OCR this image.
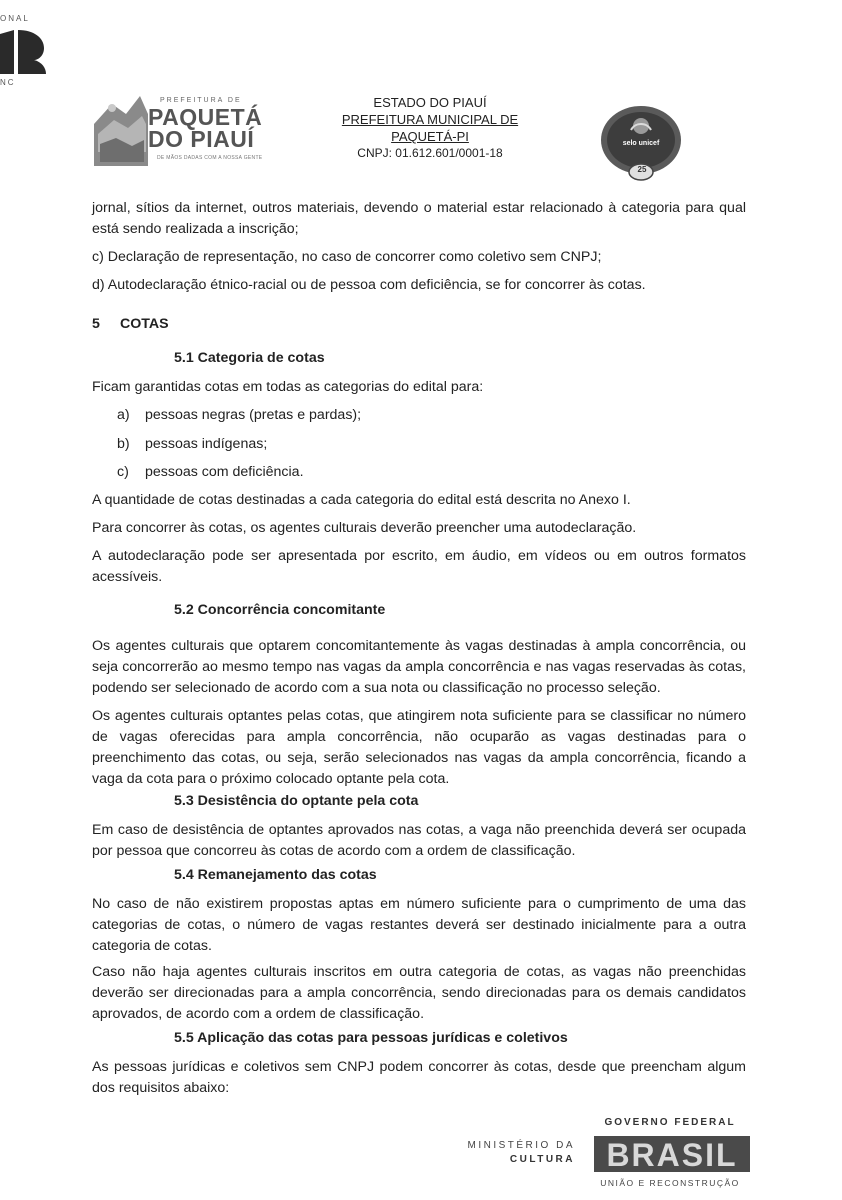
ONAL
NC
PREFEITURA DE
PAQUETÁ
DO PIAUÍ
DE MÃOS DADAS COM A NOSSA GENTE
ESTADO DO PIAUÍ
PREFEITURA MUNICIPAL DE
PAQUETÁ-PI
CNPJ: 01.612.601/0001-18
selo unicef
25
jornal, sítios da internet, outros materiais, devendo o material estar relacionado à categoria para qual está sendo realizada a inscrição;
c) Declaração de representação, no caso de concorrer como coletivo sem CNPJ;
d) Autodeclaração étnico-racial ou de pessoa com deficiência, se for concorrer às cotas.
5 COTAS
5.1 Categoria de cotas
Ficam garantidas cotas em todas as categorias do edital para:
a) pessoas negras (pretas e pardas);
b) pessoas indígenas;
c) pessoas com deficiência.
A quantidade de cotas destinadas a cada categoria do edital está descrita no Anexo I.
Para concorrer às cotas, os agentes culturais deverão preencher uma autodeclaração.
A autodeclaração pode ser apresentada por escrito, em áudio, em vídeos ou em outros formatos acessíveis.
5.2 Concorrência concomitante
Os agentes culturais que optarem concomitantemente às vagas destinadas à ampla concorrência, ou seja concorrerão ao mesmo tempo nas vagas da ampla concorrência e nas vagas reservadas às cotas, podendo ser selecionado de acordo com a sua nota ou classificação no processo seleção.
Os agentes culturais optantes pelas cotas, que atingirem nota suficiente para se classificar no número de vagas oferecidas para ampla concorrência, não ocuparão as vagas destinadas para o preenchimento das cotas, ou seja, serão selecionados nas vagas da ampla concorrência, ficando a vaga da cota para o próximo colocado optante pela cota.
5.3 Desistência do optante pela cota
Em caso de desistência de optantes aprovados nas cotas, a vaga não preenchida deverá ser ocupada por pessoa que concorreu às cotas de acordo com a ordem de classificação.
5.4 Remanejamento das cotas
No caso de não existirem propostas aptas em número suficiente para o cumprimento de uma das categorias de cotas, o número de vagas restantes deverá ser destinado inicialmente para a outra categoria de cotas.
Caso não haja agentes culturais inscritos em outra categoria de cotas, as vagas não preenchidas deverão ser direcionadas para a ampla concorrência, sendo direcionadas para os demais candidatos aprovados, de acordo com a ordem de classificação.
5.5 Aplicação das cotas para pessoas jurídicas e coletivos
As pessoas jurídicas e coletivos sem CNPJ podem concorrer às cotas, desde que preencham algum dos requisitos abaixo:
MINISTÉRIO DA
CULTURA
GOVERNO FEDERAL
BRASIL
UNIÃO E RECONSTRUÇÃO
